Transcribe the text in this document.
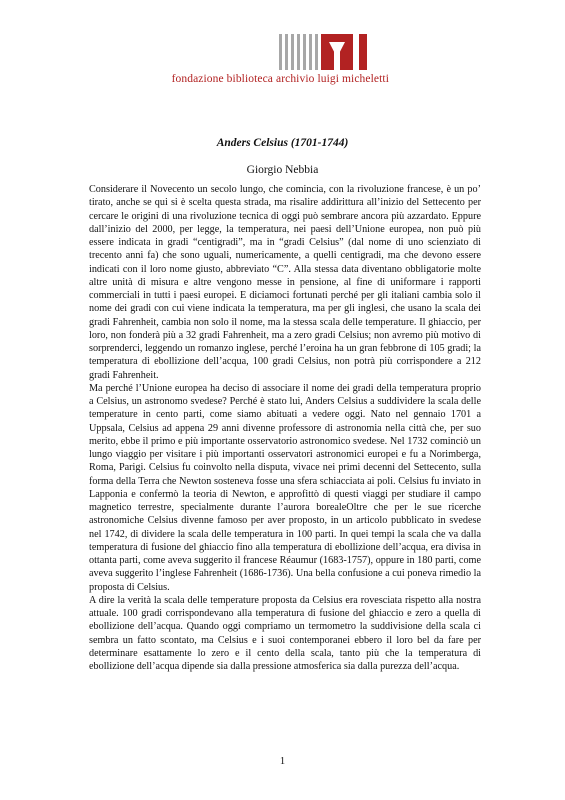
fondazione biblioteca archivio luigi micheletti
Anders Celsius (1701-1744)
Giorgio Nebbia

Considerare il Novecento un secolo lungo, che comincia, con la rivoluzione francese, è un po’ tirato, anche se qui si è scelta questa strada, ma risalire addirittura all’inizio del Settecento per cercare le origini di una rivoluzione tecnica di oggi può sembrare ancora più azzardato. Eppure dall’inizio del 2000, per legge, la temperatura, nei paesi dell’Unione europea, non può più essere indicata in gradi “centigradi”, ma in “gradi Celsius” (dal nome di uno scienziato di trecento anni fa) che sono uguali, numericamente, a quelli centigradi, ma che devono essere indicati con il loro nome giusto, abbreviato “C”. Alla stessa data diventano obbligatorie molte altre unità di misura e altre vengono messe in pensione, al fine di uniformare i rapporti commerciali in tutti i paesi europei. E diciamoci fortunati perché per gli italiani cambia solo il nome dei gradi con cui viene indicata la temperatura, ma per gli inglesi, che usano la scala dei gradi Fahrenheit, cambia non solo il nome, ma la stessa scala delle temperature. Il ghiaccio, per loro, non fonderà più a 32 gradi Fahrenheit, ma a zero gradi Celsius; non avremo più motivo di sorprenderci, leggendo un romanzo inglese, perché l’eroina ha un gran febbrone di 105 gradi; la temperatura di ebollizione dell’acqua, 100 gradi Celsius, non potrà più corrispondere a 212 gradi Fahrenheit.

Ma perché l’Unione europea ha deciso di associare il nome dei gradi della temperatura proprio a Celsius, un astronomo svedese? Perché è stato lui, Anders Celsius a suddividere la scala delle temperature in cento parti, come siamo abituati a vedere oggi. Nato nel gennaio 1701 a Uppsala, Celsius ad appena 29 anni divenne professore di astronomia nella città che, per suo merito, ebbe il primo e più importante osservatorio astronomico svedese. Nel 1732 cominciò un lungo viaggio per visitare i più importanti osservatori astronomici europei e fu a Norimberga, Roma, Parigi. Celsius fu coinvolto nella disputa, vivace nei primi decenni del Settecento, sulla forma della Terra che Newton sosteneva fosse una sfera schiacciata ai poli. Celsius fu inviato in Lapponia e confermò la teoria di Newton, e approfittò di questi viaggi per studiare il campo magnetico terrestre, specialmente durante l’aurora borealeOltre che per le sue ricerche astronomiche Celsius divenne famoso per aver proposto, in un articolo pubblicato in svedese nel 1742, di dividere la scala delle temperatura in 100 parti. In quei tempi la scala che va dalla temperatura di fusione del ghiaccio fino alla temperatura di ebollizione dell’acqua, era divisa in ottanta parti, come aveva suggerito il francese Réaumur (1683-1757), oppure in 180 parti, come aveva suggerito l’inglese Fahrenheit (1686-1736). Una bella confusione a cui poneva rimedio la proposta di Celsius.

A dire la verità la scala delle temperature proposta da Celsius era rovesciata rispetto alla nostra attuale. 100 gradi corrispondevano alla temperatura di fusione del ghiaccio e zero a quella di ebollizione dell’acqua. Quando oggi compriamo un termometro la suddivisione della scala ci sembra un fatto scontato, ma Celsius e i suoi contemporanei ebbero il loro bel da fare per determinare esattamente lo zero e il cento della scala, tanto più che la temperatura di ebollizione dell’acqua dipende sia dalla pressione atmosferica sia dalla purezza dell’acqua.

1
